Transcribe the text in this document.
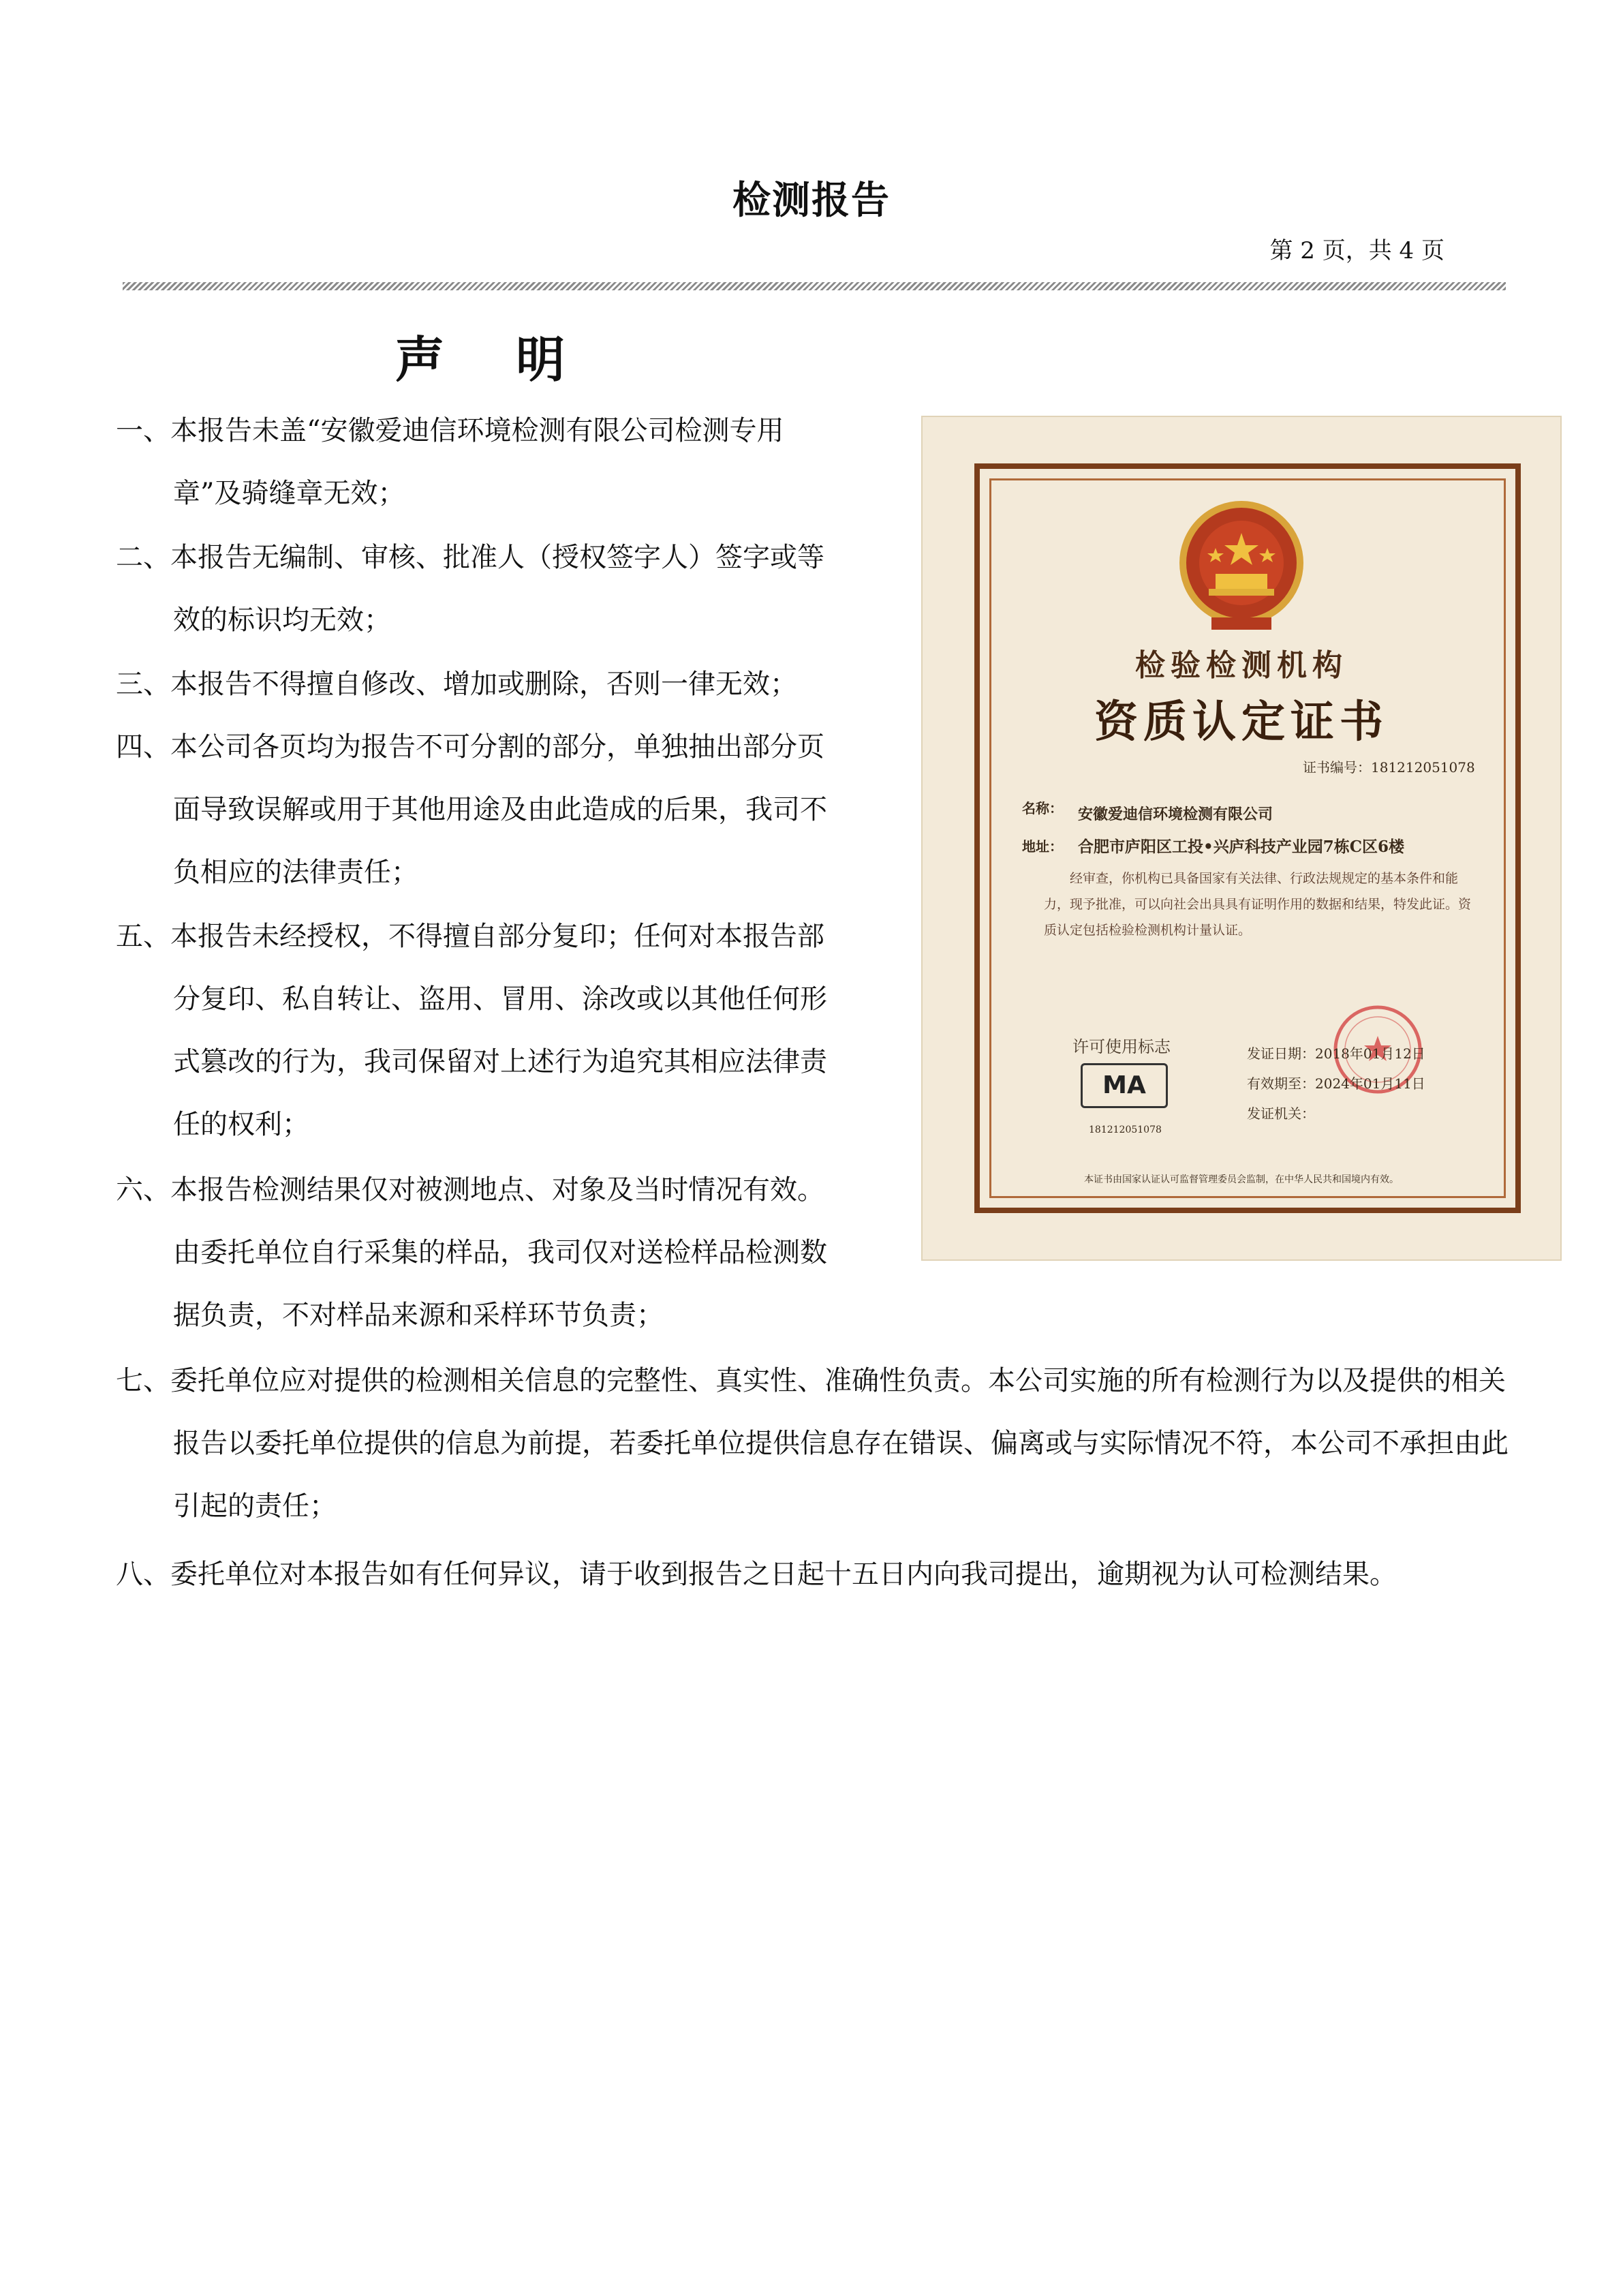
检测报告
第 2 页，共 4 页
声 明
一、本报告未盖“安徽爱迪信环境检测有限公司检测专用章”及骑缝章无效；
二、本报告无编制、审核、批准人（授权签字人）签字或等效的标识均无效；
三、本报告不得擅自修改、增加或删除，否则一律无效；
四、本公司各页均为报告不可分割的部分，单独抽出部分页面导致误解或用于其他用途及由此造成的后果，我司不负相应的法律责任；
五、本报告未经授权，不得擅自部分复印；任何对本报告部分复印、私自转让、盗用、冒用、涂改或以其他任何形式篡改的行为，我司保留对上述行为追究其相应法律责任的权利；
六、本报告检测结果仅对被测地点、对象及当时情况有效。由委托单位自行采集的样品，我司仅对送检样品检测数据负责，不对样品来源和采样环节负责；
七、委托单位应对提供的检测相关信息的完整性、真实性、准确性负责。本公司实施的所有检测行为以及提供的相关报告以委托单位提供的信息为前提，若委托单位提供信息存在错误、偏离或与实际情况不符，本公司不承担由此引起的责任；
八、委托单位对本报告如有任何异议，请于收到报告之日起十五日内向我司提出，逾期视为认可检测结果。
检验检测机构
资质认定证书
证书编号：181212051078
名称： 安徽爱迪信环境检测有限公司
地址： 合肥市庐阳区工投•兴庐科技产业园7栋C区6楼
经审查，你机构已具备国家有关法律、行政法规规定的基本条件和能力，现予批准，可以向社会出具具有证明作用的数据和结果，特发此证。资质认定包括检验检测机构计量认证。
许可使用标志
MA
181212051078
发证日期：2018年01月12日
有效期至：2024年01月11日
发证机关：
本证书由国家认证认可监督管理委员会监制，在中华人民共和国境内有效。
